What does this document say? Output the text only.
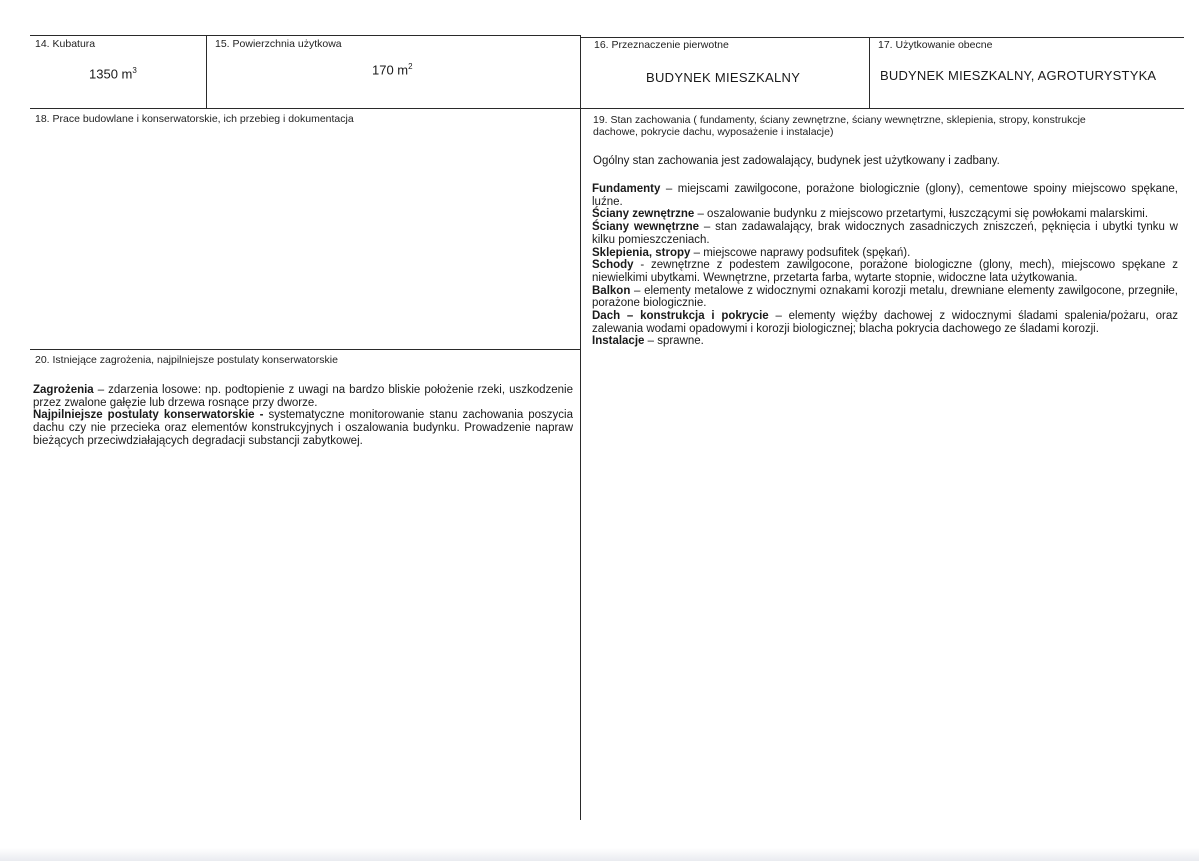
14. Kubatura
1350 $m^3$
15. Powierzchnia użytkowa
170 $m^2$
16. Przeznaczenie pierwotne
BUDYNEK MIESZKALNY
17. Użytkowanie obecne
BUDYNEK MIESZKALNY, AGROTURYSTYKA
18. Prace budowlane i konserwatorskie, ich przebieg i dokumentacja
20. Istniejące zagrożenia, najpilniejsze postulaty konserwatorskie

Zagrożenia – zdarzenia losowe: np. podtopienie z uwagi na bardzo bliskie położenie rzeki, uszkodzenie przez zwalone gałęzie lub drzewa rosnące przy dworze.

Najpilniejsze postulaty konserwatorskie - systematyczne monitorowanie stanu zachowania poszycia dachu czy nie przecieka oraz elementów konstrukcyjnych i oszalowania budynku. Prowadzenie napraw bieżących przeciwdziałających degradacji substancji zabytkowej.

19. Stan zachowania ( fundamenty, ściany zewnętrzne, ściany wewnętrzne, sklepienia, stropy, konstrukcje
dachowe, pokrycie dachu, wyposażenie i instalacje)
Ogólny stan zachowania jest zadowalający, budynek jest użytkowany i zadbany.

Fundamenty – miejscami zawilgocone, porażone biologicznie (glony), cementowe spoiny miejscowo spękane, luźne.

Ściany zewnętrzne – oszalowanie budynku z miejscowo przetartymi, łuszczącymi się powłokami malarskimi.

Ściany wewnętrzne – stan zadawalający, brak widocznych zasadniczych zniszczeń, pęknięcia i ubytki tynku w kilku pomieszczeniach.

Sklepienia, stropy – miejscowe naprawy podsufitek (spękań).

Schody - zewnętrzne z podestem zawilgocone, porażone biologiczne (glony, mech), miejscowo spękane z niewielkimi ubytkami. Wewnętrzne, przetarta farba, wytarte stopnie, widoczne lata użytkowania.

Balkon – elementy metalowe z widocznymi oznakami korozji metalu, drewniane elementy zawilgocone, przegniłe, porażone biologicznie.

Dach – konstrukcja i pokrycie – elementy więźby dachowej z widocznymi śladami spalenia/pożaru, oraz zalewania wodami opadowymi i korozji biologicznej; blacha pokrycia dachowego ze śladami korozji.

Instalacje – sprawne.
